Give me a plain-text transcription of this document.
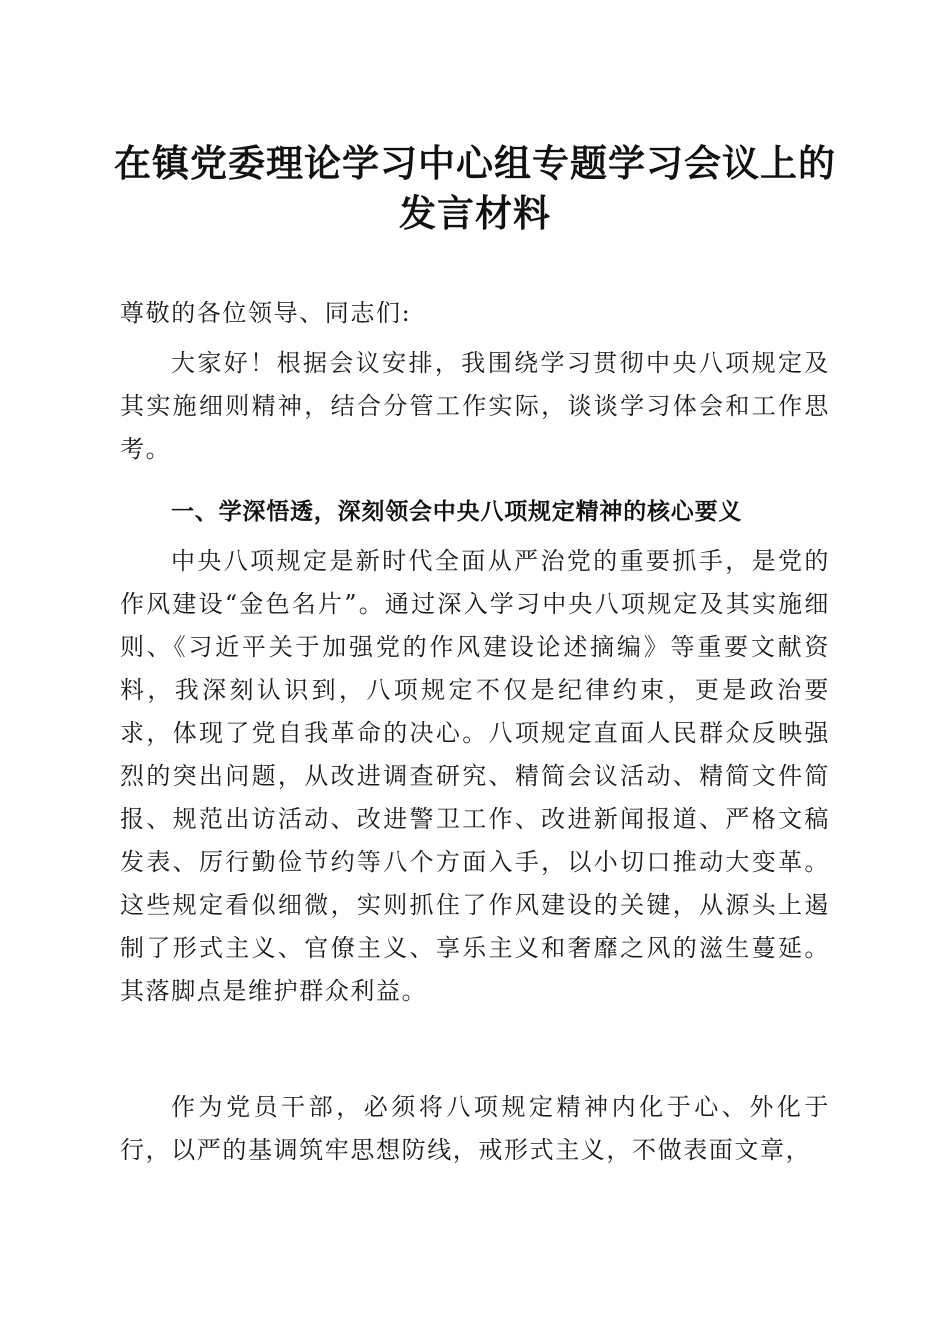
在镇党委理论学习中心组专题学习会议上的
发言材料

尊敬的各位领导、同志们:

大家好！根据会议安排，我围绕学习贯彻中央八项规定及其实施细则精神，结合分管工作实际，谈谈学习体会和工作思考。

一、学深悟透，深刻领会中央八项规定精神的核心要义

中央八项规定是新时代全面从严治党的重要抓手，是党的作风建设“金色名片”。通过深入学习中央八项规定及其实施细则、《习近平关于加强党的作风建设论述摘编》等重要文献资料，我深刻认识到，八项规定不仅是纪律约束，更是政治要求，体现了党自我革命的决心。八项规定直面人民群众反映强烈的突出问题，从改进调查研究、精简会议活动、精简文件简报、规范出访活动、改进警卫工作、改进新闻报道、严格文稿发表、厉行勤俭节约等八个方面入手，以小切口推动大变革。这些规定看似细微，实则抓住了作风建设的关键，从源头上遏制了形式主义、官僚主义、享乐主义和奢靡之风的滋生蔓延。其落脚点是维护群众利益。

作为党员干部，必须将八项规定精神内化于心、外化于行，以严的基调筑牢思想防线，戒形式主义，不做表面文章，
